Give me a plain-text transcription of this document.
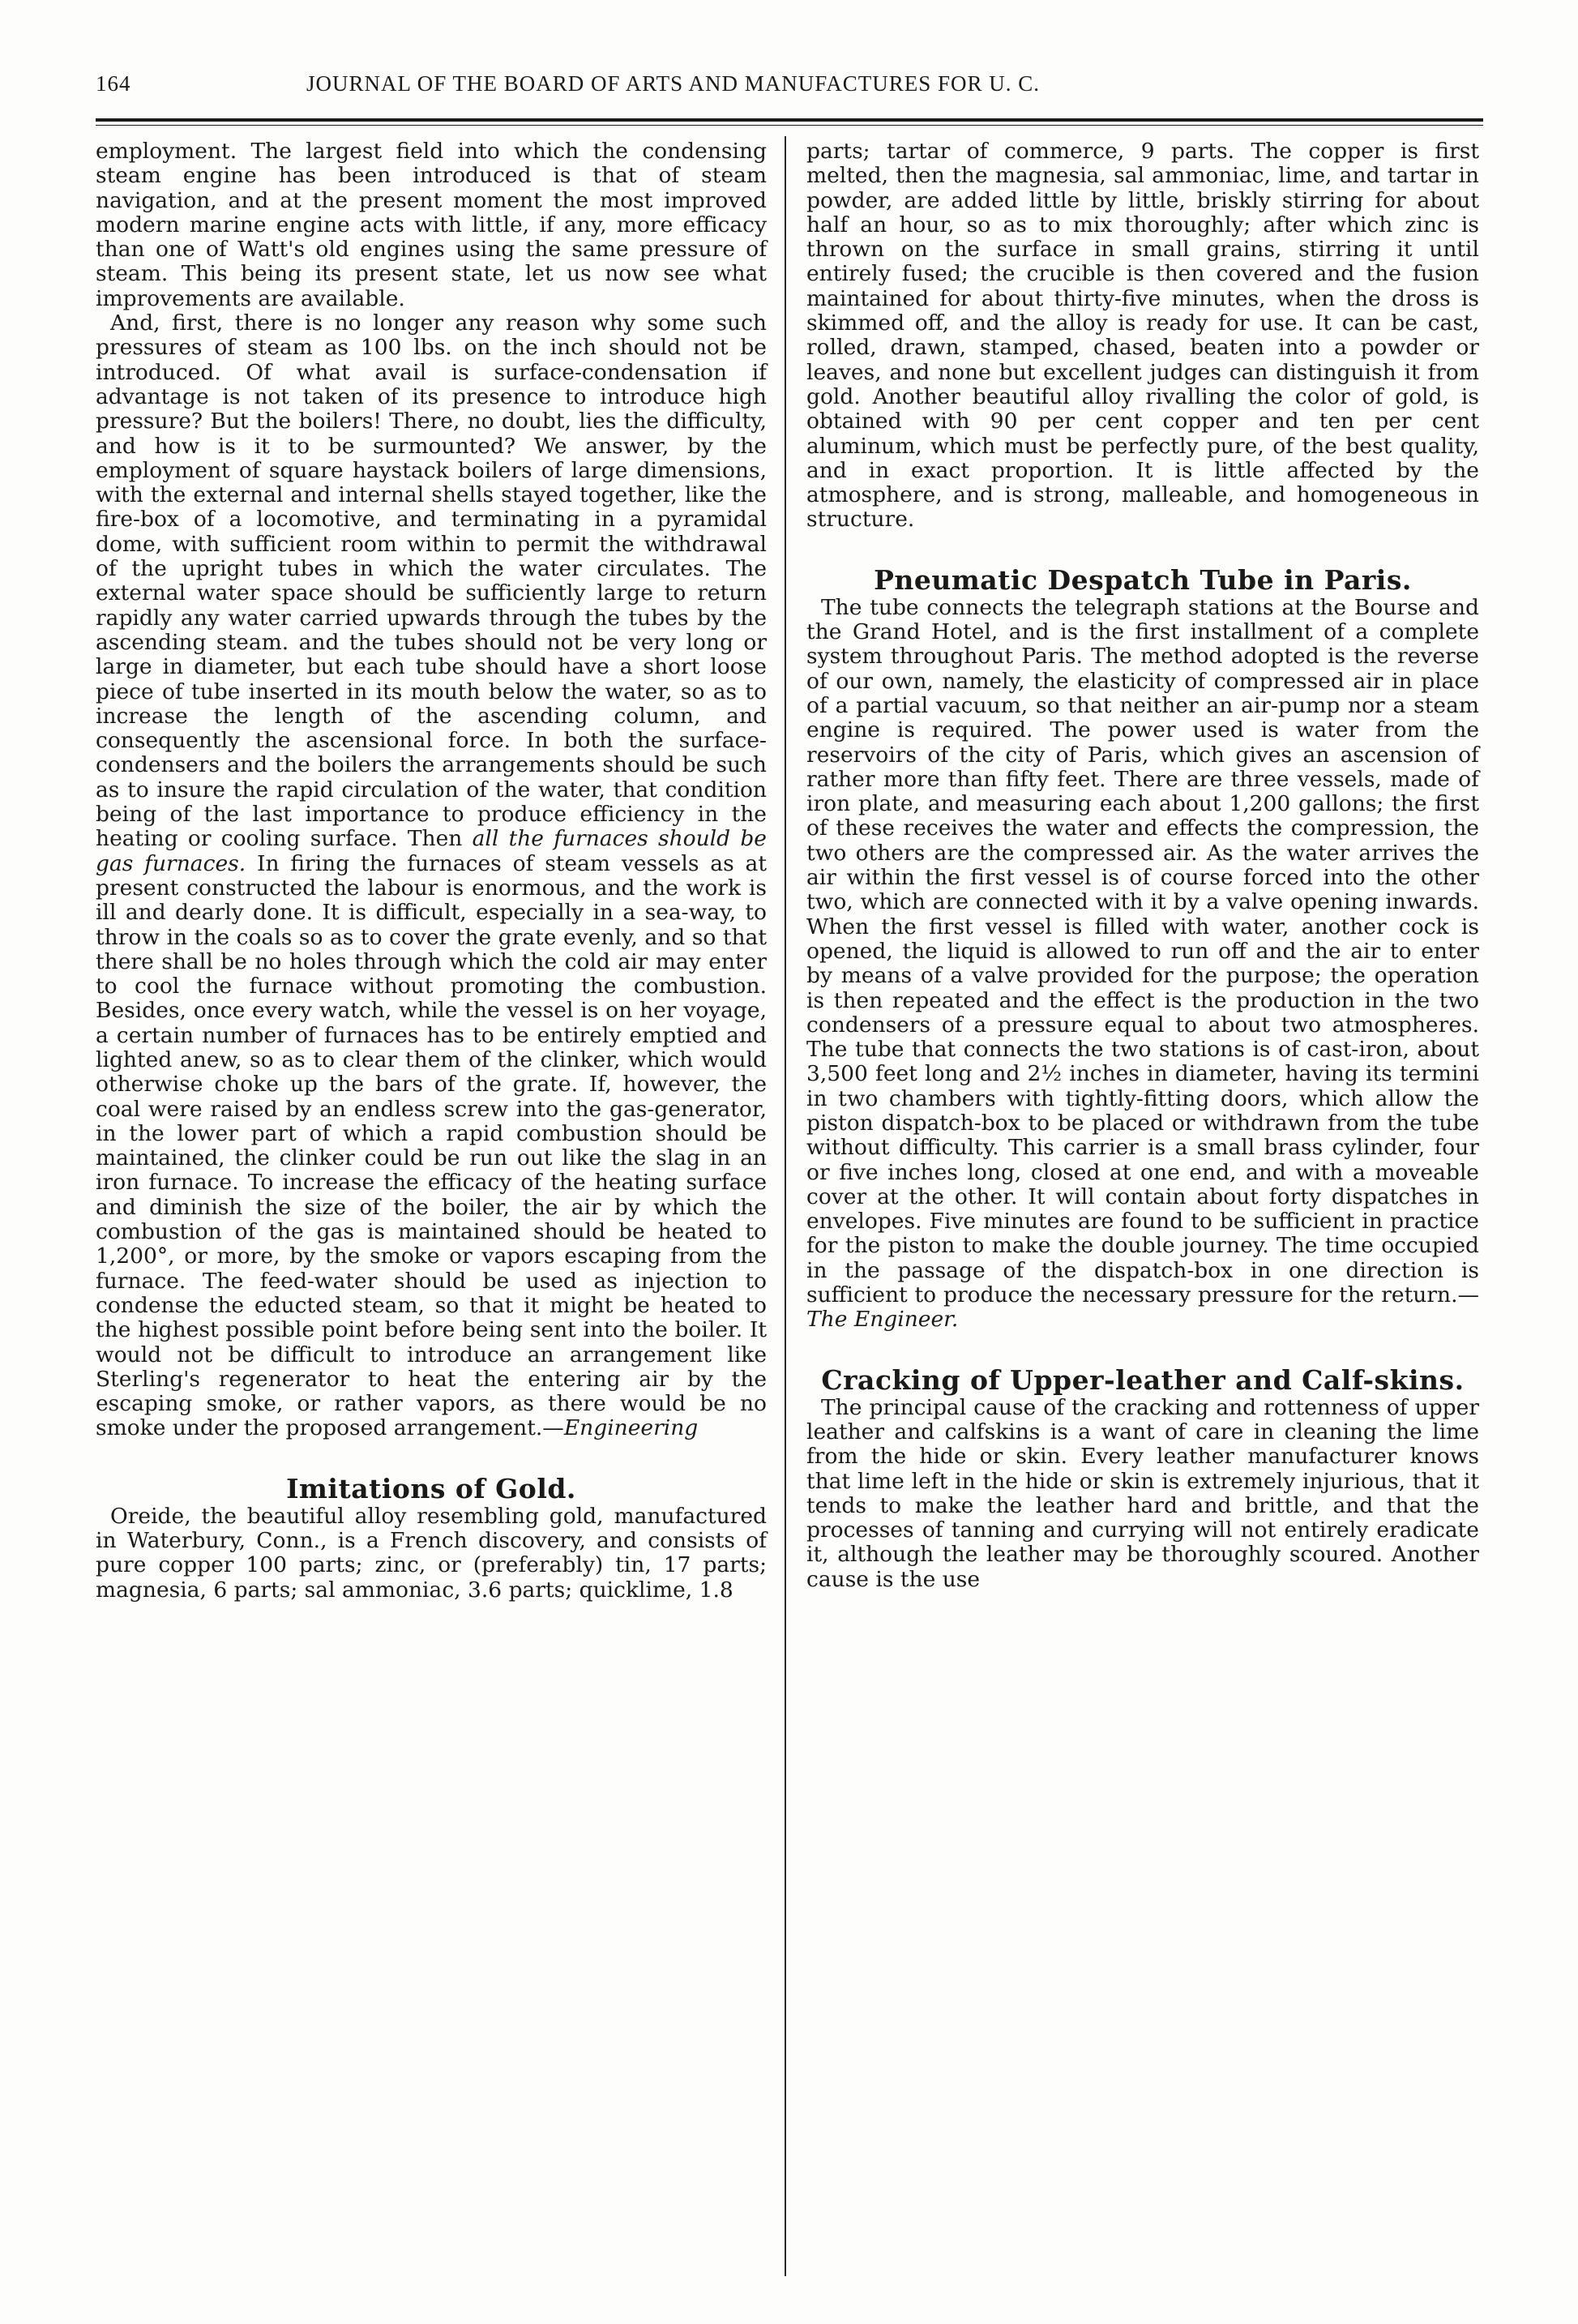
164	JOURNAL OF THE BOARD OF ARTS AND MANUFACTURES FOR U. C.

employment. The largest field into which the condensing steam engine has been introduced is that of steam navigation, and at the present moment the most improved modern marine engine acts with little, if any, more efficacy than one of Watt's old engines using the same pressure of steam. This being its present state, let us now see what improvements are available.

And, first, there is no longer any reason why some such pressures of steam as 100 lbs. on the inch should not be introduced. Of what avail is surface-condensation if advantage is not taken of its presence to introduce high pressure? But the boilers! There, no doubt, lies the difficulty, and how is it to be surmounted? We answer, by the employment of square haystack boilers of large dimensions, with the external and internal shells stayed together, like the fire-box of a locomotive, and terminating in a pyramidal dome, with sufficient room within to permit the withdrawal of the upright tubes in which the water circulates. The external water space should be sufficiently large to return rapidly any water carried upwards through the tubes by the ascending steam. and the tubes should not be very long or large in diameter, but each tube should have a short loose piece of tube inserted in its mouth below the water, so as to increase the length of the ascending column, and consequently the ascensional force. In both the surface-condensers and the boilers the arrangements should be such as to insure the rapid circulation of the water, that condition being of the last importance to produce efficiency in the heating or cooling surface. Then all the furnaces should be gas furnaces. In firing the furnaces of steam vessels as at present constructed the labour is enormous, and the work is ill and dearly done. It is difficult, especially in a sea-way, to throw in the coals so as to cover the grate evenly, and so that there shall be no holes through which the cold air may enter to cool the furnace without promoting the combustion. Besides, once every watch, while the vessel is on her voyage, a certain number of furnaces has to be entirely emptied and lighted anew, so as to clear them of the clinker, which would otherwise choke up the bars of the grate. If, however, the coal were raised by an endless screw into the gas-generator, in the lower part of which a rapid combustion should be maintained, the clinker could be run out like the slag in an iron furnace. To increase the efficacy of the heating surface and diminish the size of the boiler, the air by which the combustion of the gas is maintained should be heated to 1,200°, or more, by the smoke or vapors escaping from the furnace. The feed-water should be used as injection to condense the educted steam, so that it might be heated to the highest possible point before being sent into the boiler. It would not be difficult to introduce an arrangement like Sterling's regenerator to heat the entering air by the escaping smoke, or rather vapors, as there would be no smoke under the proposed arrangement.—Engineering

Imitations of Gold.

Oreide, the beautiful alloy resembling gold, manufactured in Waterbury, Conn., is a French discovery, and consists of pure copper 100 parts; zinc, or (preferably) tin, 17 parts; magnesia, 6 parts; sal ammoniac, 3.6 parts; quicklime, 1.8

parts; tartar of commerce, 9 parts. The copper is first melted, then the magnesia, sal ammoniac, lime, and tartar in powder, are added little by little, briskly stirring for about half an hour, so as to mix thoroughly; after which zinc is thrown on the surface in small grains, stirring it until entirely fused; the crucible is then covered and the fusion maintained for about thirty-five minutes, when the dross is skimmed off, and the alloy is ready for use. It can be cast, rolled, drawn, stamped, chased, beaten into a powder or leaves, and none but excellent judges can distinguish it from gold. Another beautiful alloy rivalling the color of gold, is obtained with 90 per cent copper and ten per cent aluminum, which must be perfectly pure, of the best quality, and in exact proportion. It is little affected by the atmosphere, and is strong, malleable, and homogeneous in structure.

Pneumatic Despatch Tube in Paris.

The tube connects the telegraph stations at the Bourse and the Grand Hotel, and is the first installment of a complete system throughout Paris. The method adopted is the reverse of our own, namely, the elasticity of compressed air in place of a partial vacuum, so that neither an air-pump nor a steam engine is required. The power used is water from the reservoirs of the city of Paris, which gives an ascension of rather more than fifty feet. There are three vessels, made of iron plate, and measuring each about 1,200 gallons; the first of these receives the water and effects the compression, the two others are the compressed air. As the water arrives the air within the first vessel is of course forced into the other two, which are connected with it by a valve opening inwards. When the first vessel is filled with water, another cock is opened, the liquid is allowed to run off and the air to enter by means of a valve provided for the purpose; the operation is then repeated and the effect is the production in the two condensers of a pressure equal to about two atmospheres. The tube that connects the two stations is of cast-iron, about 3,500 feet long and 2½ inches in diameter, having its termini in two chambers with tightly-fitting doors, which allow the piston dispatch-box to be placed or withdrawn from the tube without difficulty. This carrier is a small brass cylinder, four or five inches long, closed at one end, and with a moveable cover at the other. It will contain about forty dispatches in envelopes. Five minutes are found to be sufficient in practice for the piston to make the double journey. The time occupied in the passage of the dispatch-box in one direction is sufficient to produce the necessary pressure for the return.—The Engineer.

Cracking of Upper-leather and Calf-skins.

The principal cause of the cracking and rottenness of upper leather and calfskins is a want of care in cleaning the lime from the hide or skin. Every leather manufacturer knows that lime left in the hide or skin is extremely injurious, that it tends to make the leather hard and brittle, and that the processes of tanning and currying will not entirely eradicate it, although the leather may be thoroughly scoured. Another cause is the use
